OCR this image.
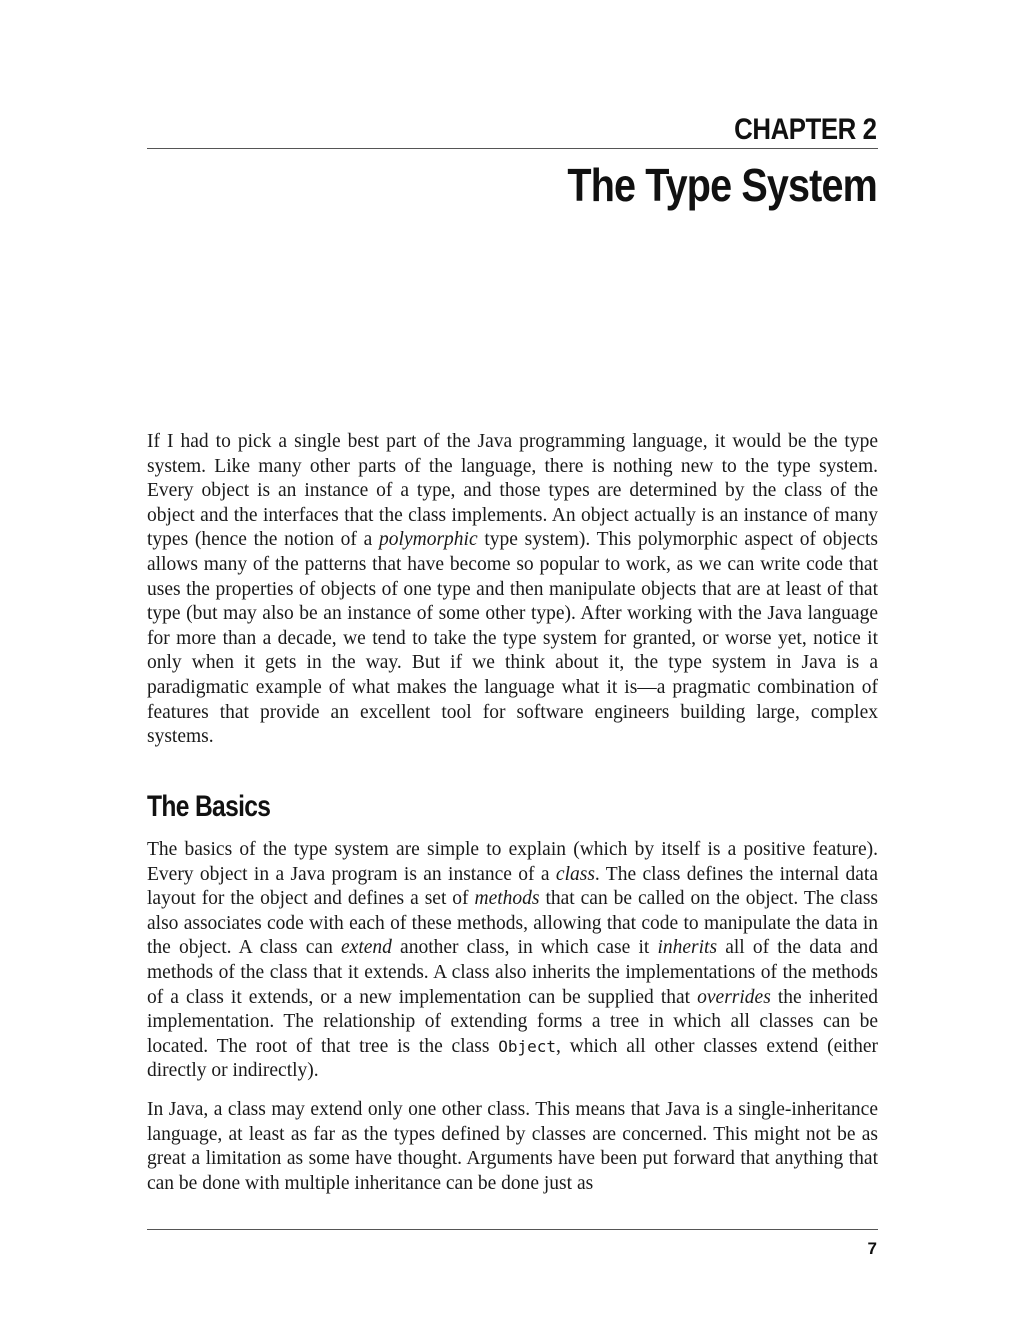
CHAPTER 2
The Type System

If I had to pick a single best part of the Java programming language, it would be the type system. Like many other parts of the language, there is nothing new to the type system. Every object is an instance of a type, and those types are determined by the class of the object and the interfaces that the class implements. An object actually is an instance of many types (hence the notion of a polymorphic type system). This polymorphic aspect of objects allows many of the patterns that have become so popular to work, as we can write code that uses the properties of objects of one type and then manipulate objects that are at least of that type (but may also be an instance of some other type). After working with the Java language for more than a decade, we tend to take the type system for granted, or worse yet, notice it only when it gets in the way. But if we think about it, the type system in Java is a paradigmatic example of what makes the language what it is—a pragmatic combination of features that provide an excellent tool for software engineers building large, complex systems.

The Basics

The basics of the type system are simple to explain (which by itself is a positive feature). Every object in a Java program is an instance of a class. The class defines the internal data layout for the object and defines a set of methods that can be called on the object. The class also associates code with each of these methods, allowing that code to manipulate the data in the object. A class can extend another class, in which case it inherits all of the data and methods of the class that it extends. A class also inherits the implementations of the methods of a class it extends, or a new implementation can be supplied that overrides the inherited implementation. The relationship of extending forms a tree in which all classes can be located. The root of that tree is the class Object, which all other classes extend (either directly or indirectly).

In Java, a class may extend only one other class. This means that Java is a single-inheritance language, at least as far as the types defined by classes are concerned. This might not be as great a limitation as some have thought. Arguments have been put forward that anything that can be done with multiple inheritance can be done just as

7
